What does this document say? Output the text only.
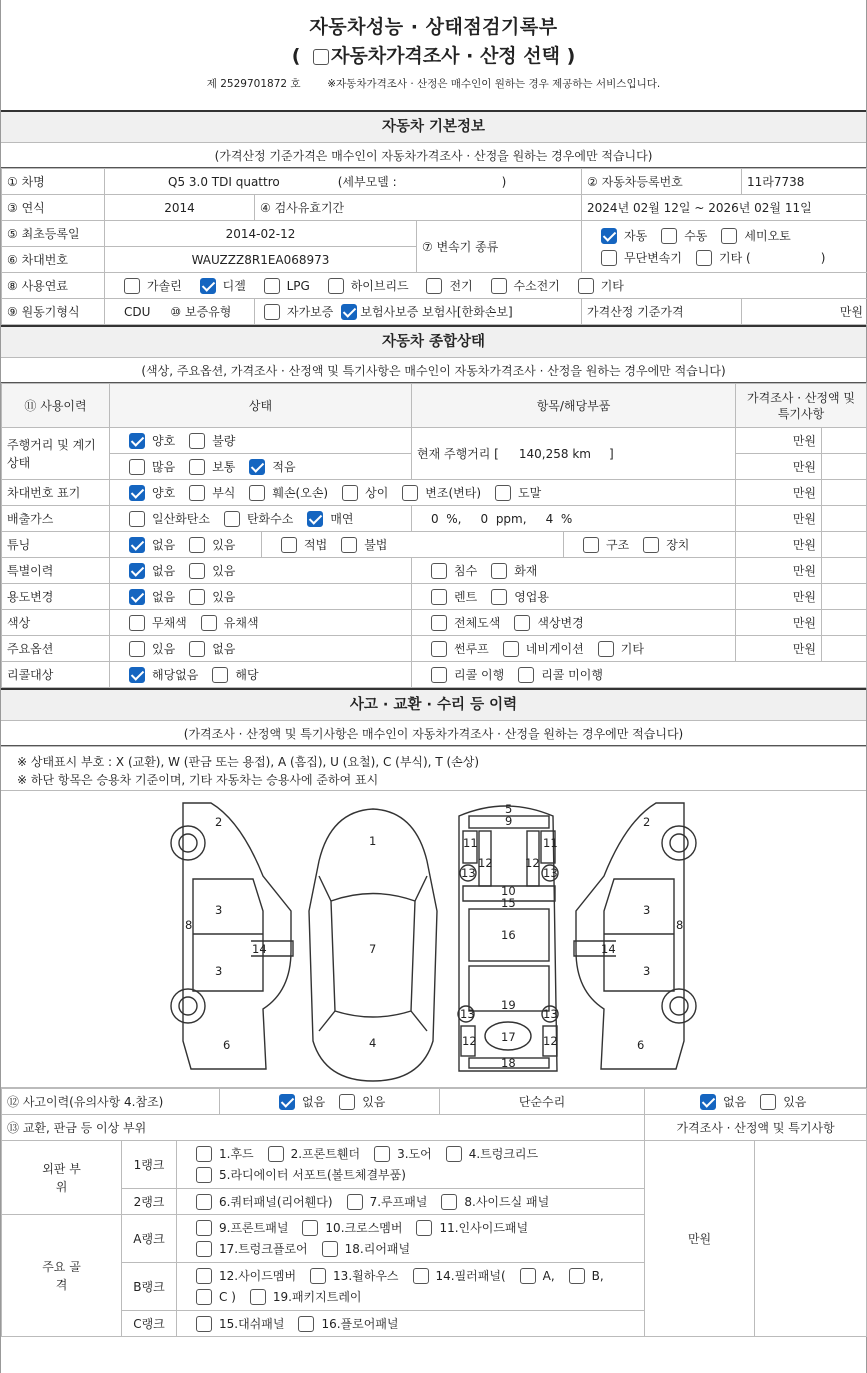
자동차성능 · 상태점검기록부
( 자동차가격조사 · 산정 선택 )
제 2529701872 호	※자동차가격조사 · 산정은 매수인이 원하는 경우 제공하는 서비스입니다.
자동차 기본정보
(가격산정 기준가격은 매수인이 자동차가격조사 · 산정을 원하는 경우에만 적습니다)
① 차명	Q5 3.0 TDI quattro (세부모델 : )			② 자동차등록번호	11라7738
③ 연식	2014	④ 검사유효기간		2024년 02월 12일 ~ 2026년 02월 11일	
⑤ 최초등록일	2014-02-12		⑦ 변속기 종류	자동 수동 세미오토
무단변속기 기타 ( )	

⑥ 차대번호	WAUZZZ8R1EA068973				
⑧ 사용연료	가솔린 디젤 LPG 하이브리드 전기 수소전기 기타				
⑨ 원동기형식	CDU ⑩ 보증유형	자가보증 보험사보증 보험사[한화손보]		가격산정 기준가격	만원
자동차 종합상태
(색상, 주요옵션, 가격조사 · 산정액 및 특기사항은 매수인이 자동차가격조사 · 산정을 원하는 경우에만 적습니다)
⑪ 사용이력	상태		항목/해당부품		가격조사 · 산정액 및 특기사항	
주행거리 및 계기상태	양호 불량		현재 주행거리 [ 140,258 km ]		만원	
	많음 보통 적음				만원	
차대번호 표기	양호 부식 훼손(오손) 상이 변조(변타) 도말				만원	
배출가스	일산화탄소 탄화수소 매연		0  %,     0  ppm,     4  %		만원	
튜닝	없음 있음	적법 불법		구조 장치	만원	
특별이력	없음 있음		침수 화재		만원	
용도변경	없음 있음		렌트 영업용		만원	
색상	무채색 유채색		전체도색 색상변경		만원	
주요옵션	있음 없음		썬루프 네비게이션 기타		만원	
리콜대상	해당없음 해당		리콜 이행 리콜 미이행			
사고 · 교환 · 수리 등 이력
(가격조사 · 산정액 및 특기사항은 매수인이 자동차가격조사 · 산정을 원하는 경우에만 적습니다)
※ 상태표시 부호 : X (교환), W (판금 또는 용접), A (흠집), U (요철), C (부식), T (손상)
※ 하단 항목은 승용차 기준이며, 기타 자동차는 승용사에 준하여 표시
2
3
3
8
14
6
1
7
4
5
9
11	11
12	12
13	13
10
15
16
19
13	13
12	12
17
18
2
3
3
8
14
6
⑫ 사고이력(유의사항 4.참조)			없음 있음	단순수리	없음 있음	
⑬ 교환, 판금 등 이상 부위					가격조사 · 산정액 및 특기사항	
외판 부위	1랭크	1.후드 2.프론트휀더 3.도어 4.트렁크리드
5.라디에이터 서포트(볼트체결부품)			만원	
	2랭크	6.쿼터패널(리어휀다) 7.루프패널 8.사이드실 패널				
주요 골격	A랭크	9.프론트패널 10.크로스멤버 11.인사이드패널
17.트렁크플로어 18.리어패널				

	B랭크	12.사이드멤버 13.휠하우스 14.필러패널( A, B,
C ) 19.패키지트레이				

	C랭크	15.대쉬패널 16.플로어패널				
